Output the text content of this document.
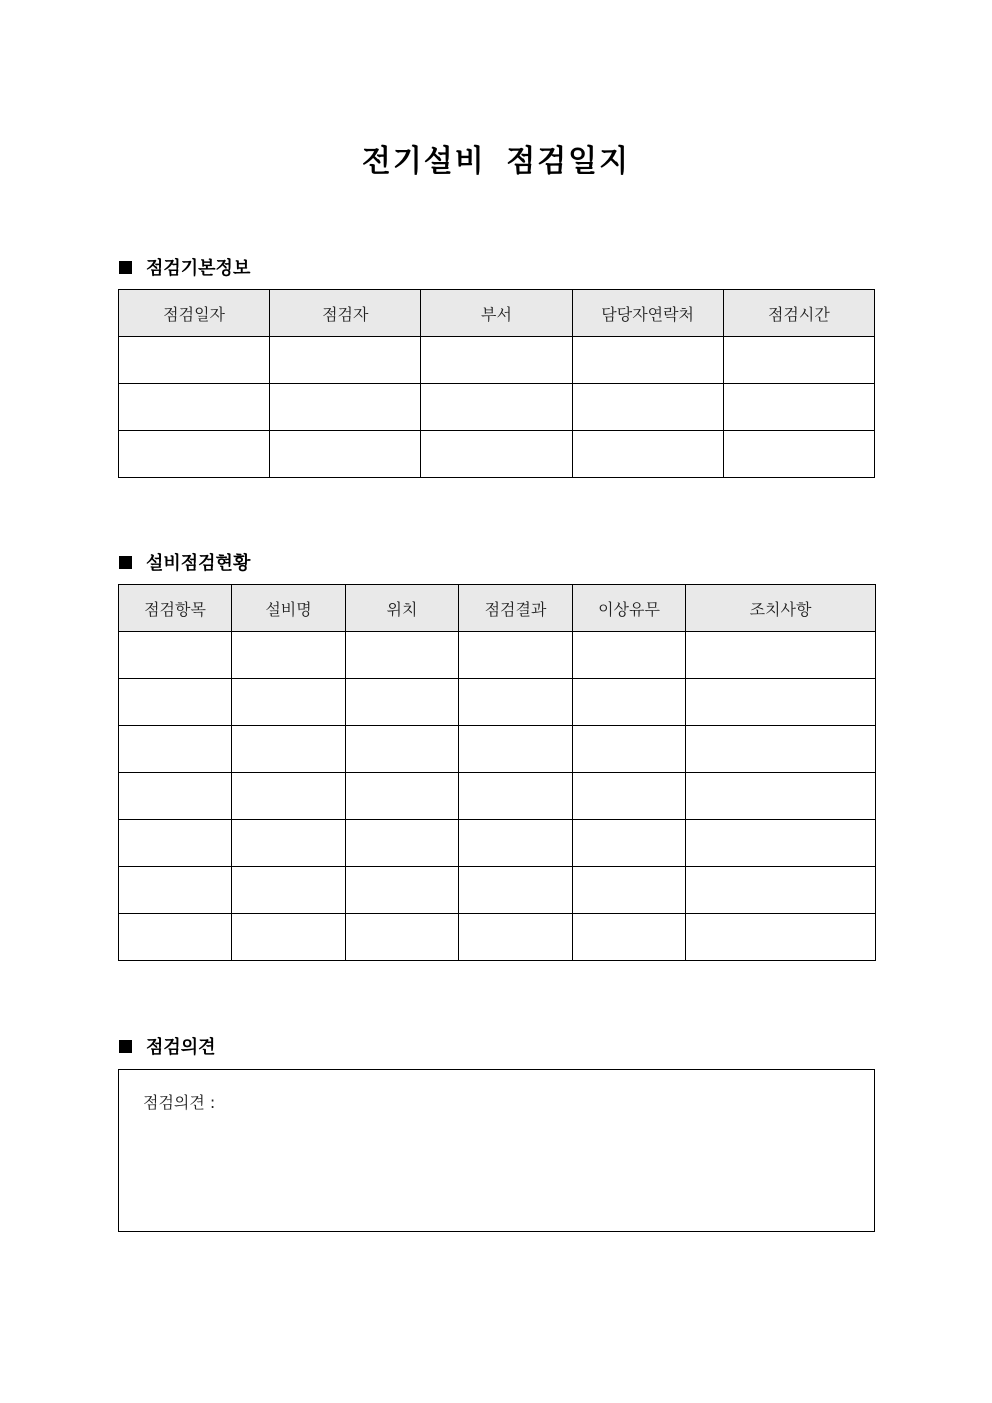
전기설비 점검일지
점검기본정보
점검일자	점검자	부서	담당자연락처	점검시간

설비점검현황
점검항목	설비명	위치	점검결과	이상유무	조치사항

점검의견
점검의견 :
